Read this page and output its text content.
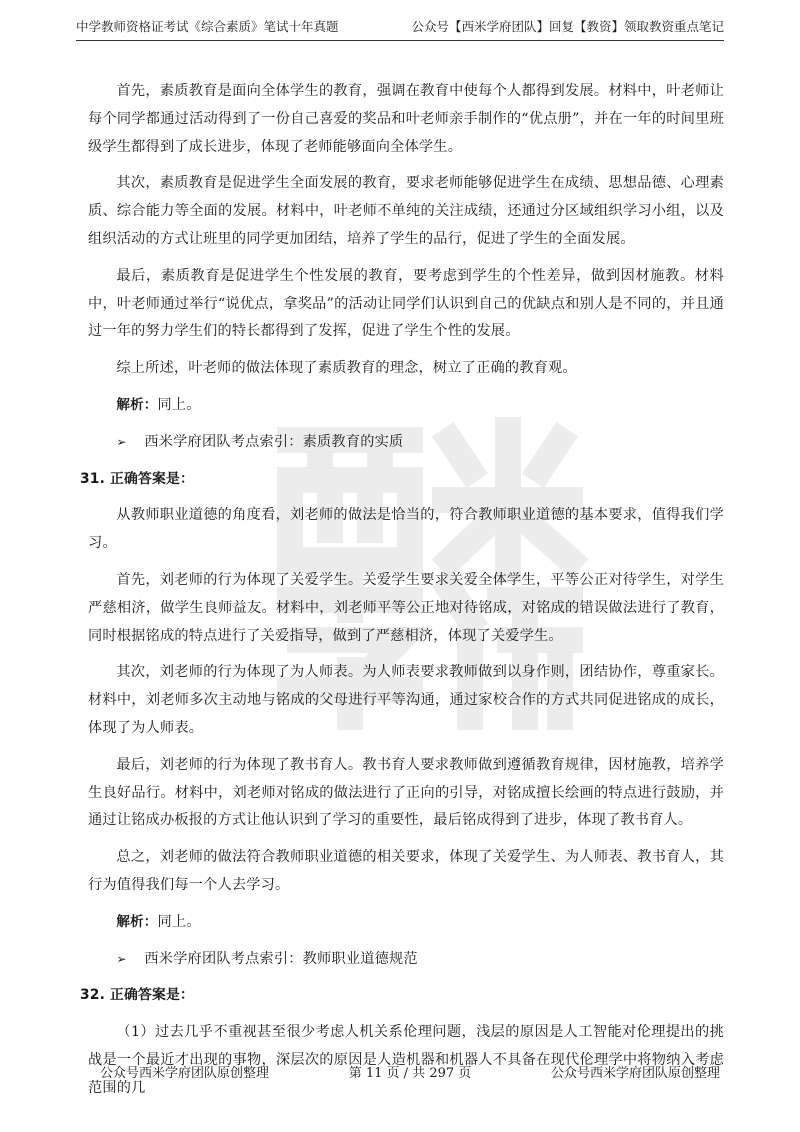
中学教师资格证考试《综合素质》笔试十年真题	公众号【西米学府团队】回复【教资】领取教资重点笔记

首先，素质教育是面向全体学生的教育，强调在教育中使每个人都得到发展。材料中，叶老师让每个同学都通过活动得到了一份自己喜爱的奖品和叶老师亲手制作的“优点册”，并在一年的时间里班级学生都得到了成长进步，体现了老师能够面向全体学生。

其次，素质教育是促进学生全面发展的教育，要求老师能够促进学生在成绩、思想品德、心理素质、综合能力等全面的发展。材料中，叶老师不单纯的关注成绩，还通过分区域组织学习小组，以及组织活动的方式让班里的同学更加团结，培养了学生的品行，促进了学生的全面发展。

最后，素质教育是促进学生个性发展的教育，要考虑到学生的个性差异，做到因材施教。材料中，叶老师通过举行“说优点，拿奖品”的活动让同学们认识到自己的优缺点和别人是不同的，并且通过一年的努力学生们的特长都得到了发挥，促进了学生个性的发展。

综上所述，叶老师的做法体现了素质教育的理念，树立了正确的教育观。

解析：同上。

➢	西米学府团队考点索引：素质教育的实质
31. 正确答案是：

从教师职业道德的角度看，刘老师的做法是恰当的，符合教师职业道德的基本要求，值得我们学习。

首先，刘老师的行为体现了关爱学生。关爱学生要求关爱全体学生，平等公正对待学生，对学生严慈相济，做学生良师益友。材料中，刘老师平等公正地对待铭成，对铭成的错误做法进行了教育，同时根据铭成的特点进行了关爱指导，做到了严慈相济，体现了关爱学生。

其次，刘老师的行为体现了为人师表。为人师表要求教师做到以身作则，团结协作，尊重家长。材料中，刘老师多次主动地与铭成的父母进行平等沟通，通过家校合作的方式共同促进铭成的成长，体现了为人师表。

最后，刘老师的行为体现了教书育人。教书育人要求教师做到遵循教育规律，因材施教，培养学生良好品行。材料中，刘老师对铭成的做法进行了正向的引导，对铭成擅长绘画的特点进行鼓励，并通过让铭成办板报的方式让他认识到了学习的重要性，最后铭成得到了进步，体现了教书育人。

总之，刘老师的做法符合教师职业道德的相关要求，体现了关爱学生、为人师表、教书育人，其行为值得我们每一个人去学习。

解析：同上。

➢	西米学府团队考点索引：教师职业道德规范
32. 正确答案是：

（1）过去几乎不重视甚至很少考虑人机关系伦理问题，浅层的原因是人工智能对伦理提出的挑战是一个最近才出现的事物，深层次的原因是人造机器和机器人不具备在现代伦理学中将物纳入考虑范围的几

公众号西米学府团队原创整理	第 11 页 / 共 297 页	公众号西米学府团队原创整理
